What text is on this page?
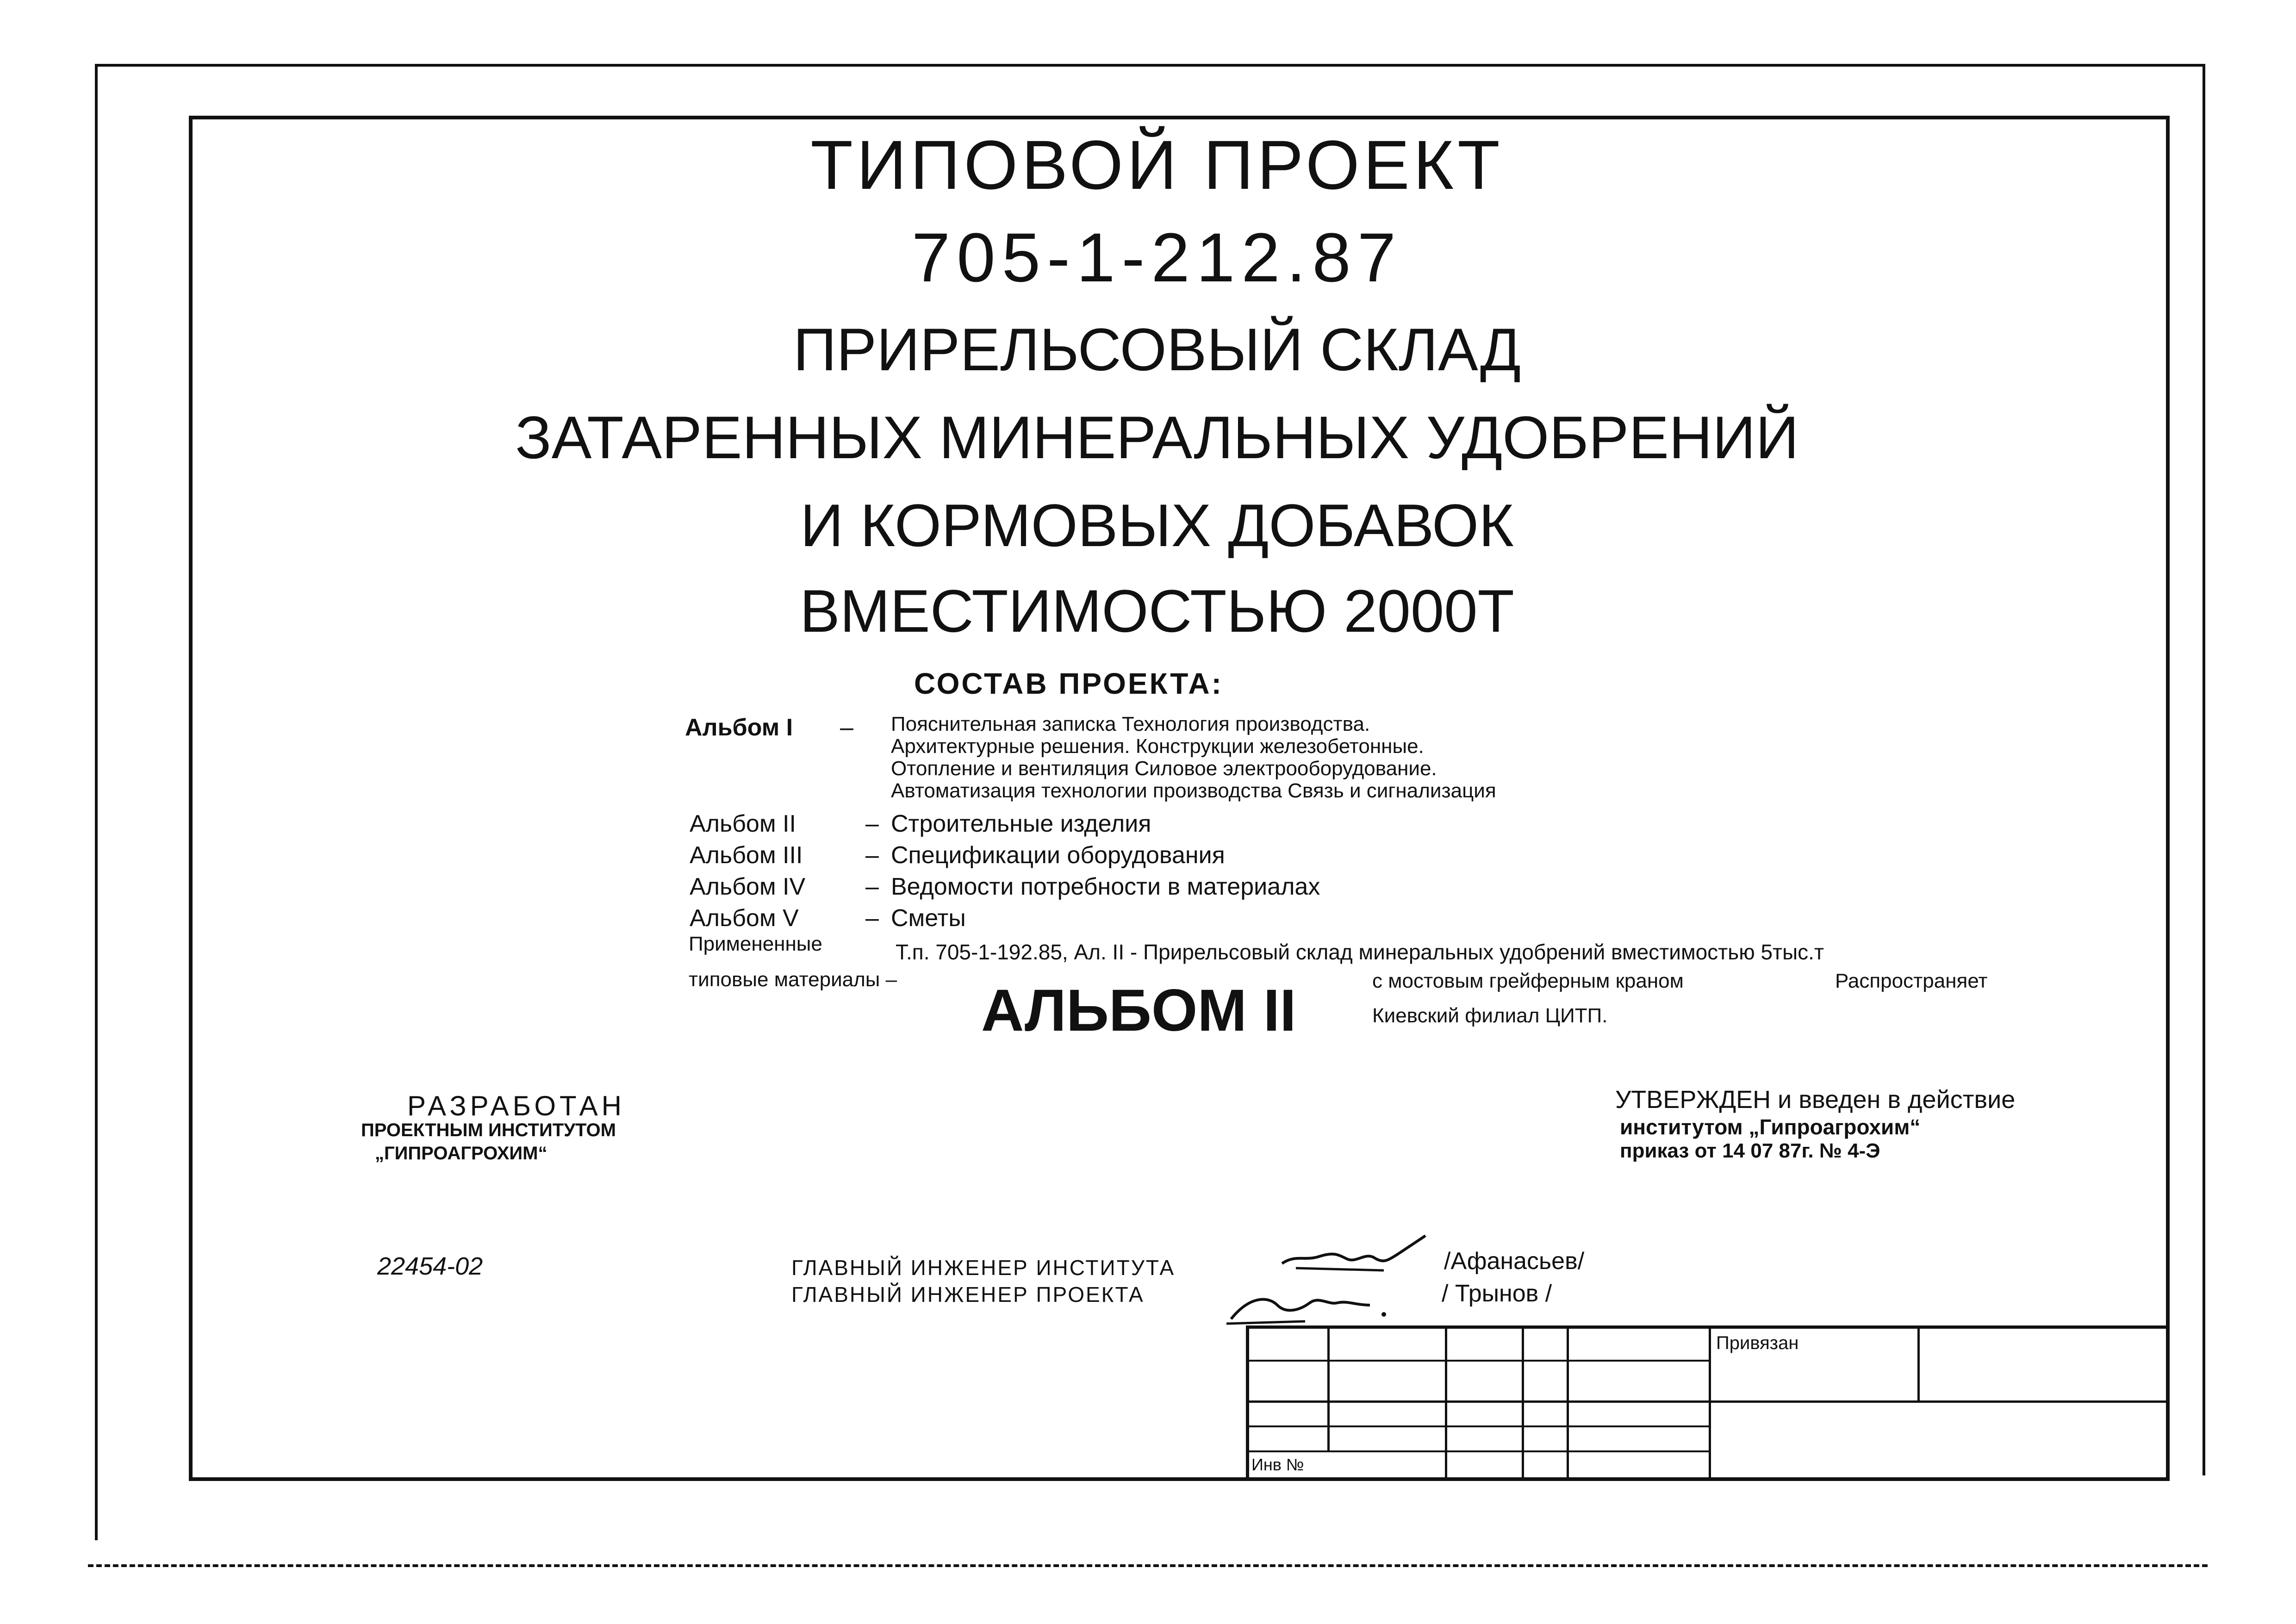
ТИПОВОЙ ПРОЕКТ
705-1-212.87
ПРИРЕЛЬСОВЫЙ СКЛАД
ЗАТАРЕННЫХ МИНЕРАЛЬНЫХ УДОБРЕНИЙ
И КОРМОВЫХ ДОБАВОК
ВМЕСТИМОСТЬЮ 2000Т
СОСТАВ ПРОЕКТА:
Альбом I – Пояснительная записка Технология производства.
Архитектурные решения. Конструкции железобетонные.
Отопление и вентиляция Силовое электрооборудование.
Автоматизация технологии производства Связь и сигнализация
Альбом II	– Строительные изделия
Альбом III	– Спецификации оборудования
Альбом IV – Ведомости потребности в материалах
Альбом V	– Сметы
Примененные
типовые материалы –
Т.п. 705-1-192.85, Ал. II - Прирельсовый склад минеральных удобрений вместимостью 5тыс.т
с мостовым грейферным краном	Распространяет
Киевский филиал ЦИТП.
АЛЬБОМ II
РАЗРАБОТАН
ПРОЕКТНЫМ ИНСТИТУТОМ
„ГИПРОАГРОХИМ“
УТВЕРЖДЕН и введен в действие
институтом „Гипроагрохим“
приказ от 14 07 87г. № 4-Э
22454-02	ГЛАВНЫЙ ИНЖЕНЕР ИНСТИТУТА
ГЛАВНЫЙ ИНЖЕНЕР ПРОЕКТА
/Афанасьев/
/ Трынов /
Привязан
Инв №
